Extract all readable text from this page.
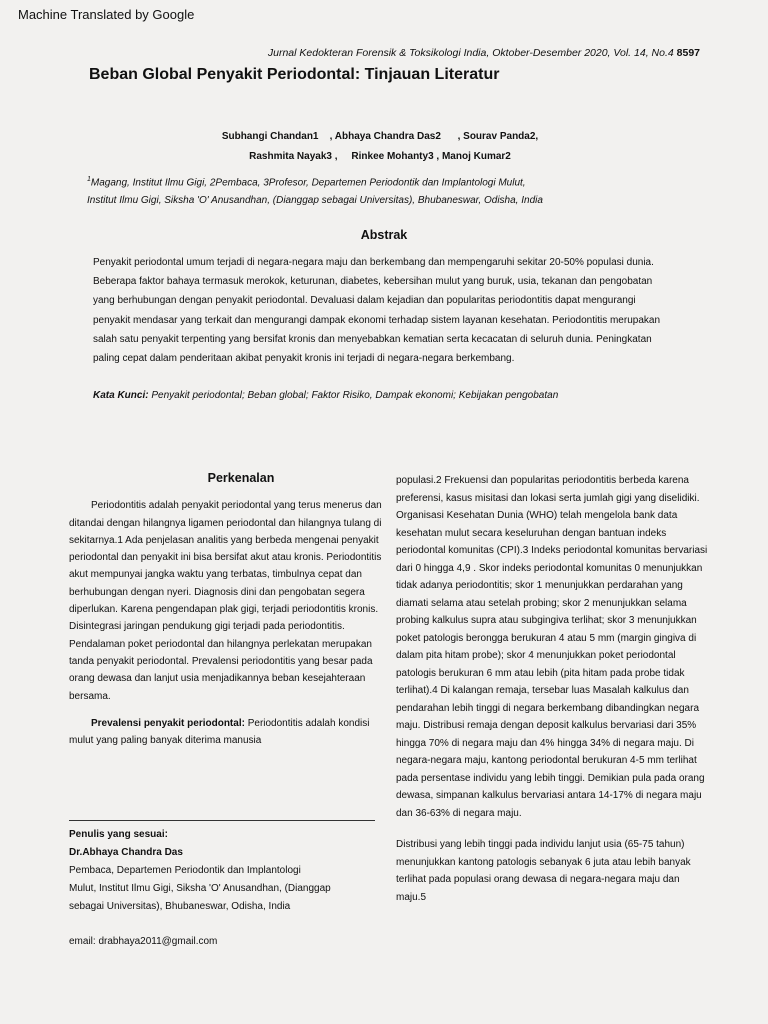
Machine Translated by Google
Jurnal Kedokteran Forensik & Toksikologi India, Oktober-Desember 2020, Vol. 14, No.4 8597
Beban Global Penyakit Periodontal: Tinjauan Literatur
Subhangi Chandan1    , Abhaya Chandra Das2      , Sourav Panda2,
Rashmita Nayak3 ,     Rinkee Mohanty3 , Manoj Kumar2
$^1$Magang, Institut Ilmu Gigi, 2Pembaca, 3Profesor, Departemen Periodontik dan Implantologi Mulut,
Institut Ilmu Gigi, Siksha 'O' Anusandhan, (Dianggap sebagai Universitas), Bhubaneswar, Odisha, India
Abstrak

Penyakit periodontal umum terjadi di negara-negara maju dan berkembang dan mempengaruhi sekitar 20-50% populasi dunia. Beberapa faktor bahaya termasuk merokok, keturunan, diabetes, kebersihan mulut yang buruk, usia, tekanan dan pengobatan yang berhubungan dengan penyakit periodontal. Devaluasi dalam kejadian dan popularitas periodontitis dapat mengurangi penyakit mendasar yang terkait dan mengurangi dampak ekonomi terhadap sistem layanan kesehatan. Periodontitis merupakan salah satu penyakit terpenting yang bersifat kronis dan menyebabkan kematian serta kecacatan di seluruh dunia. Peningkatan paling cepat dalam penderitaan akibat penyakit kronis ini terjadi di negara-negara berkembang.

Kata Kunci: Penyakit periodontal; Beban global; Faktor Risiko, Dampak ekonomi; Kebijakan pengobatan
Perkenalan

Periodontitis adalah penyakit periodontal yang terus menerus dan ditandai dengan hilangnya ligamen periodontal dan hilangnya tulang di sekitarnya.1 Ada penjelasan analitis yang berbeda mengenai penyakit periodontal dan penyakit ini bisa bersifat akut atau kronis. Periodontitis akut mempunyai jangka waktu yang terbatas, timbulnya cepat dan berhubungan dengan nyeri. Diagnosis dini dan pengobatan segera diperlukan. Karena pengendapan plak gigi, terjadi periodontitis kronis. Disintegrasi jaringan pendukung gigi terjadi pada periodontitis. Pendalaman poket periodontal dan hilangnya perlekatan merupakan tanda penyakit periodontal. Prevalensi periodontitis yang besar pada orang dewasa dan lanjut usia menjadikannya beban kesejahteraan bersama.

Prevalensi penyakit periodontal: Periodontitis adalah kondisi mulut yang paling banyak diterima manusia

Penulis yang sesuai:
Dr.Abhaya Chandra Das
Pembaca, Departemen Periodontik dan Implantologi
Mulut, Institut Ilmu Gigi, Siksha 'O' Anusandhan, (Dianggap
sebagai Universitas), Bhubaneswar, Odisha, India
email: drabhaya2011@gmail.com

populasi.2 Frekuensi dan popularitas periodontitis berbeda karena preferensi, kasus misitasi dan lokasi serta jumlah gigi yang diselidiki. Organisasi Kesehatan Dunia (WHO) telah mengelola bank data kesehatan mulut secara keseluruhan dengan bantuan indeks periodontal komunitas (CPI).3 Indeks periodontal komunitas bervariasi dari 0 hingga 4,9 . Skor indeks periodontal komunitas 0 menunjukkan tidak adanya periodontitis; skor 1 menunjukkan perdarahan yang diamati selama atau setelah probing; skor 2 menunjukkan selama probing kalkulus supra atau subgingiva terlihat; skor 3 menunjukkan poket patologis berongga berukuran 4 atau 5 mm (margin gingiva di dalam pita hitam probe); skor 4 menunjukkan poket periodontal patologis berukuran 6 mm atau lebih (pita hitam pada probe tidak terlihat).4 Di kalangan remaja, tersebar luas Masalah kalkulus dan pendarahan lebih tinggi di negara berkembang dibandingkan negara maju. Distribusi remaja dengan deposit kalkulus bervariasi dari 35% hingga 70% di negara maju dan 4% hingga 34% di negara maju. Di negara-negara maju, kantong periodontal berukuran 4-5 mm terlihat pada persentase individu yang lebih tinggi. Demikian pula pada orang dewasa, simpanan kalkulus bervariasi antara 14-17% di negara maju dan 36-63% di negara maju.

Distribusi yang lebih tinggi pada individu lanjut usia (65-75 tahun) menunjukkan kantong patologis sebanyak 6 juta atau lebih banyak terlihat pada populasi orang dewasa di negara-negara maju dan maju.5
